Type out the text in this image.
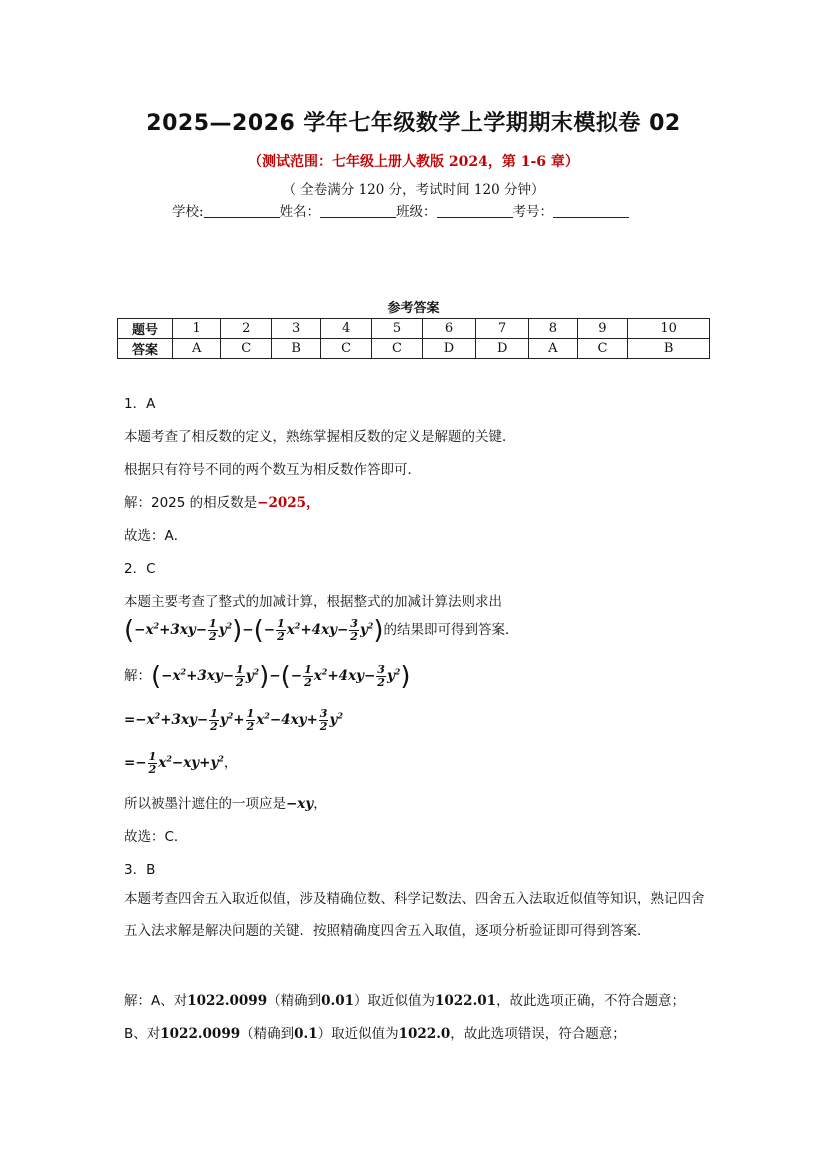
2025—2026 学年七年级数学上学期期末模拟卷 02
（测试范围：七年级上册人教版 2024，第 1-6 章）
（ 全卷满分 120 分，考试时间 120 分钟）
学校:	姓名：	班级：	考号：
参考答案
题号	1	2	3	4	5	6	7	8	9	10
答案	A	C	B	C	C	D	D	A	C	B
1．A
本题考查了相反数的定义，熟练掌握相反数的定义是解题的关键．
根据只有符号不同的两个数互为相反数作答即可．
解：2025 的相反数是−2025，
故选：A．
2．C
本题主要考查了整式的加减计算，根据整式的加减计算法则求出
$(-x^2+3xy- \frac{1}{2} y^2)-(- \frac{1}{2} x^2+4xy- \frac{3}{2} y^2)$的结果即可得到答案．
解：$(-x^2+3xy- \frac{1}{2} y^2)-(- \frac{1}{2} x^2+4xy- \frac{3}{2} y^2)$
$=-x^2+3xy- \frac{1}{2} y^2+ \frac{1}{2} x^2-4xy+ \frac{3}{2} y^2$
=− $\frac{1}{2} x^2-xy+y^2$，
所以被墨汁遮住的一项应是−xy，
故选：C．
3．B
本题考查四舍五入取近似值，涉及精确位数、科学记数法、四舍五入法取近似值等知识，熟记四舍五入法求解是解决问题的关键．按照精确度四舍五入取值，逐项分析验证即可得到答案．
解：A、对1022.0099（精确到0.01）取近似值为1022.01，故此选项正确，不符合题意；
B、对1022.0099（精确到0.1）取近似值为1022.0，故此选项错误，符合题意；
